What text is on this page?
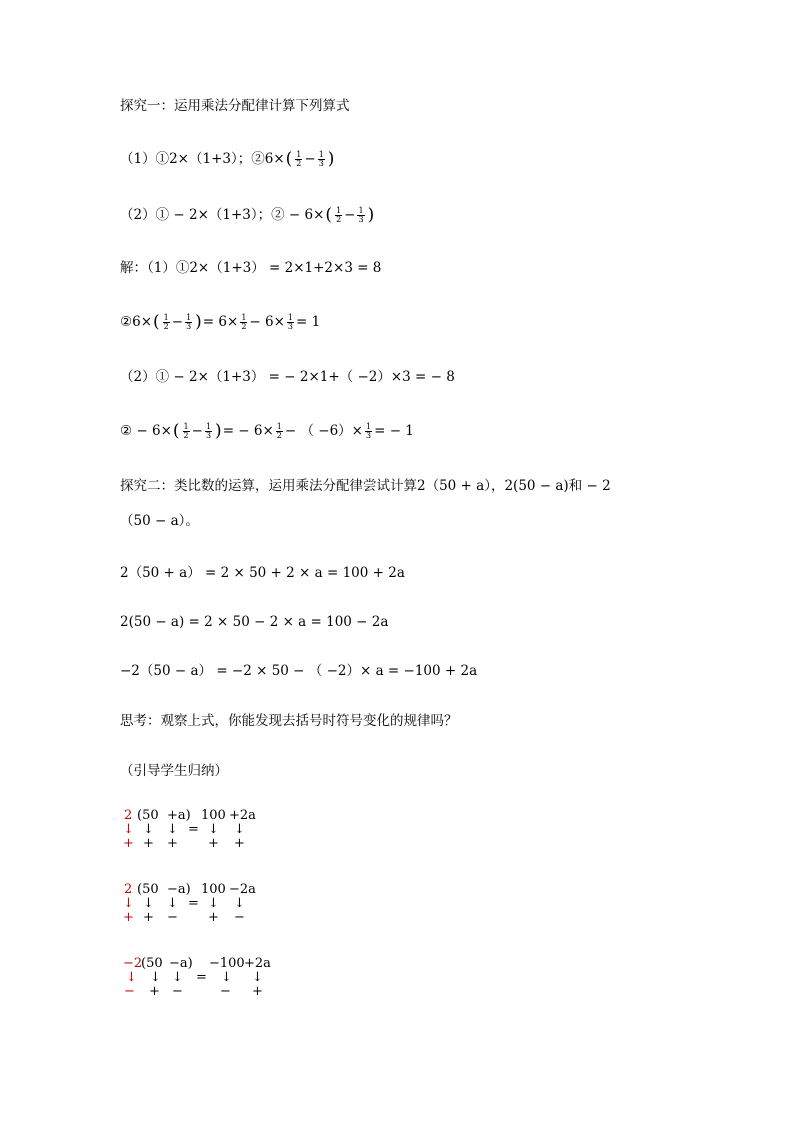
探究一：运用乘法分配律计算下列算式
（1）①2×（1+3）；②6× ( $\frac{1}{2} - \frac{1}{3}$ )
（2）① − 2×（1+3）；② − 6× ( $\frac{1}{2} - \frac{1}{3}$ )
解：（1）①2×（1+3） = 2×1+2×3 = 8
②6× ( $\frac{1}{2} - \frac{1}{3}$ ) = $6\times \frac{1}{2} - 6\times \frac{1}{3} = 1$
（2）① − 2×（1+3） = − 2×1+（ −2）×3 = − 8
② − 6× ( $\frac{1}{2} - \frac{1}{3}$ ) = − $6\times \frac{1}{2}$ − （ $-6)\times \frac{1}{3}$ = − 1
探究二：类比数的运算，运用乘法分配律尝试计算2（50 + a），2(50 − a)和 − 2
（50 − a）。
2（50 + a） = 2 × 50 + 2 × a = 100 + 2a
2(50 − a) = 2 × 50 − 2 × a = 100 − 2a
−2（50 − a） = −2 × 50 − （ −2）× a = −100 + 2a
思考：观察上式，你能发现去括号时符号变化的规律吗？
（引导学生归纳）
2 (50 +a) 100 +2a
↓ ↓ ↓ = ↓ ↓
+ + + + +
2 (50 −a) 100 −2a
↓ ↓ ↓ = ↓ ↓
+ + − + −
−2
(50 −a) −100 +2a
↓ ↓ ↓ = ↓ ↓
− + −	− +
